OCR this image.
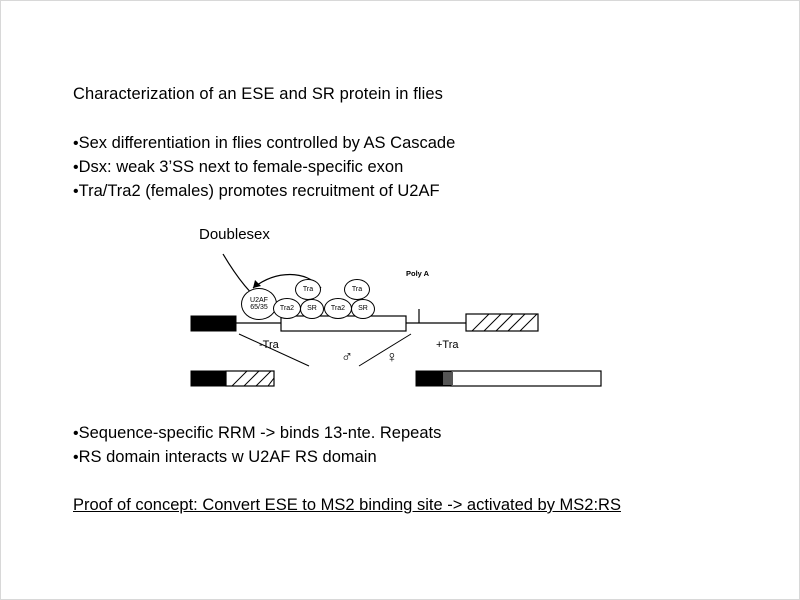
Characterization of an ESE and SR protein in flies
•Sex differentiation in flies controlled by AS Cascade
•Dsx: weak 3’SS next to female-specific exon
•Tra/Tra2 (females) promotes recruitment of U2AF
Doublesex
Poly A
-Tra	+Tra
♂ ♀
U2AF
65/35 Tra2
Tra
SR Tra2
Tra
SR
•Sequence-specific RRM -> binds 13-nte. Repeats
•RS domain interacts w U2AF RS domain
Proof of concept: Convert ESE to MS2 binding site -> activated by MS2:RS
